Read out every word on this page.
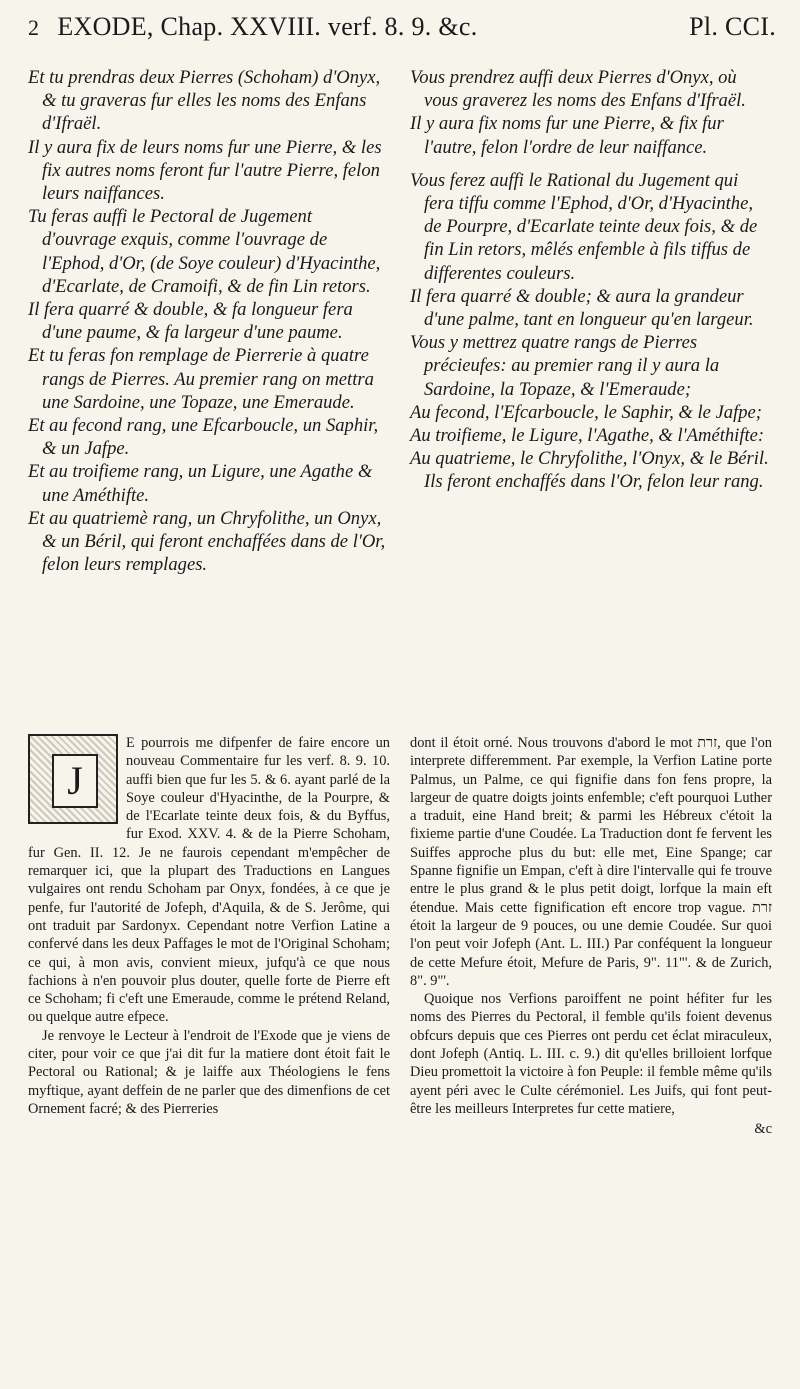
2 EXODE, Chap. XXVIII. verf. 8. 9. &c.	Pl. CCI.

Et tu prendras deux Pierres (Schoham) d'Onyx, & tu graveras fur elles les noms des Enfans d'Ifraël.

Il y aura fix de leurs noms fur une Pierre, & les fix autres noms feront fur l'autre Pierre, felon leurs naiffances.

Tu feras auffi le Pectoral de Jugement d'ouvrage exquis, comme l'ouvrage de l'Ephod, d'Or, (de Soye couleur) d'Hyacinthe, d'Ecarlate, de Cramoifi, & de fin Lin retors.

Il fera quarré & double, & fa longueur fera d'une paume, & fa largeur d'une paume.

Et tu feras fon remplage de Pierrerie à quatre rangs de Pierres. Au premier rang on mettra une Sardoine, une Topaze, une Emeraude.

Et au fecond rang, une Efcarboucle, un Saphir, & un Jafpe.

Et au troifieme rang, un Ligure, une Agathe & une Améthifte.

Et au quatriemè rang, un Chryfolithe, un Onyx, & un Béril, qui feront enchaffées dans de l'Or, felon leurs remplages.

Vous prendrez auffi deux Pierres d'Onyx, où vous graverez les noms des Enfans d'Ifraël.

Il y aura fix noms fur une Pierre, & fix fur l'autre, felon l'ordre de leur naiffance.

Vous ferez auffi le Rational du Jugement qui fera tiffu comme l'Ephod, d'Or, d'Hyacinthe, de Pourpre, d'Ecarlate teinte deux fois, & de fin Lin retors, mêlés enfemble à fils tiffus de differentes couleurs.

Il fera quarré & double; & aura la grandeur d'une palme, tant en longueur qu'en largeur.

Vous y mettrez quatre rangs de Pierres précieufes: au premier rang il y aura la Sardoine, la Topaze, & l'Emeraude;

Au fecond, l'Efcarboucle, le Saphir, & le Jafpe;

Au troifieme, le Ligure, l'Agathe, & l'Améthifte:

Au quatrieme, le Chryfolithe, l'Onyx, & le Béril. Ils feront enchaffés dans l'Or, felon leur rang.

J

E pourrois me difpenfer de faire encore un nouveau Commentaire fur les verf. 8. 9. 10. auffi bien que fur les 5. & 6. ayant parlé de la Soye couleur d'Hyacinthe, de la Pourpre, & de l'Ecarlate teinte deux fois, & du Byffus, fur Exod. XXV. 4. & de la Pierre Schoham, fur Gen. II. 12. Je ne faurois cependant m'empêcher de remarquer ici, que la plupart des Traductions en Langues vulgaires ont rendu Schoham par Onyx, fondées, à ce que je penfe, fur l'autorité de Jofeph, d'Aquila, & de S. Jerôme, qui ont traduit par Sardonyx. Cependant notre Verfion Latine a confervé dans les deux Paffages le mot de l'Original Schoham; ce qui, à mon avis, convient mieux, jufqu'à ce que nous fachions à n'en pouvoir plus douter, quelle forte de Pierre eft ce Schoham; fi c'eft une Emeraude, comme le prétend Reland, ou quelque autre efpece.

Je renvoye le Lecteur à l'endroit de l'Exode que je viens de citer, pour voir ce que j'ai dit fur la matiere dont étoit fait le Pectoral ou Rational; & je laiffe aux Théologiens le fens myftique, ayant deffein de ne parler que des dimenfions de cet Ornement facré; & des Pierreries

dont il étoit orné. Nous trouvons d'abord le mot זרת, que l'on interprete differemment. Par exemple, la Verfion Latine porte Palmus, un Palme, ce qui fignifie dans fon fens propre, la largeur de quatre doigts joints enfemble; c'eft pourquoi Luther a traduit, eine Hand breit; & parmi les Hébreux c'étoit la fixieme partie d'une Coudée. La Traduction dont fe fervent les Suiffes approche plus du but: elle met, Eine Spange; car Spanne fignifie un Empan, c'eft à dire l'intervalle qui fe trouve entre le plus grand & le plus petit doigt, lorfque la main eft étendue. Mais cette fignification eft encore trop vague. זרת étoit la largeur de 9 pouces, ou une demie Coudée. Sur quoi l'on peut voir Jofeph (Ant. L. III.) Par conféquent la longueur de cette Mefure étoit, Mefure de Paris, 9". 11"'. & de Zurich, 8". 9"'.

Quoique nos Verfions paroiffent ne point héfiter fur les noms des Pierres du Pectoral, il femble qu'ils foient devenus obfcurs depuis que ces Pierres ont perdu cet éclat miraculeux, dont Jofeph (Antiq. L. III. c. 9.) dit qu'elles brilloient lorfque Dieu promettoit la victoire à fon Peuple: il femble même qu'ils ayent péri avec le Culte cérémoniel. Les Juifs, qui font peut-être les meilleurs Interpretes fur cette matiere,

&c
